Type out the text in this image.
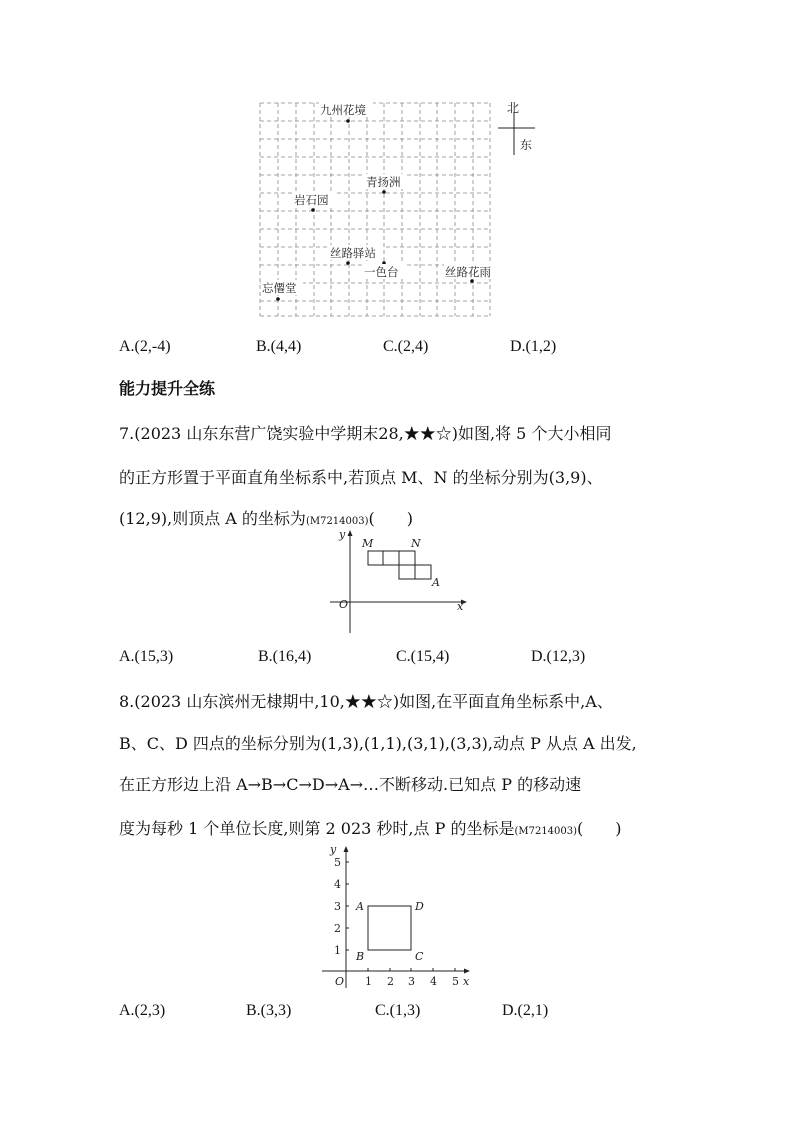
九州花境
青扬洲
岩石园
丝路驿站
一色台	丝路花雨
忘僊堂
北
东
A.(2,-4)	B.(4,4)	C.(2,4)	D.(1,2)
能力提升全练
7.(2023 山东东营广饶实验中学期末28,★★☆)如图,将 5 个大小相同
的正方形置于平面直角坐标系中,若顶点 M、N 的坐标分别为(3,9)、
(12,9),则顶点 A 的坐标为(M7214003)(　　)
y
x
O
M	N
A
A.(15,3)	B.(16,4)	C.(15,4)	D.(12,3)
8.(2023 山东滨州无棣期中,10,★★☆)如图,在平面直角坐标系中,A、
B、C、D 四点的坐标分别为(1,3),(1,1),(3,1),(3,3),动点 P 从点 A 出发,
在正方形边上沿 A→B→C→D→A→…不断移动.已知点 P 的移动速
度为每秒 1 个单位长度,则第 2 023 秒时,点 P 的坐标是(M7214003)(　　)
y
x
O 1 2 3 4 5
1
2
3
4
5
A
B	C
D
A.(2,3)	B.(3,3)	C.(1,3)	D.(2,1)
